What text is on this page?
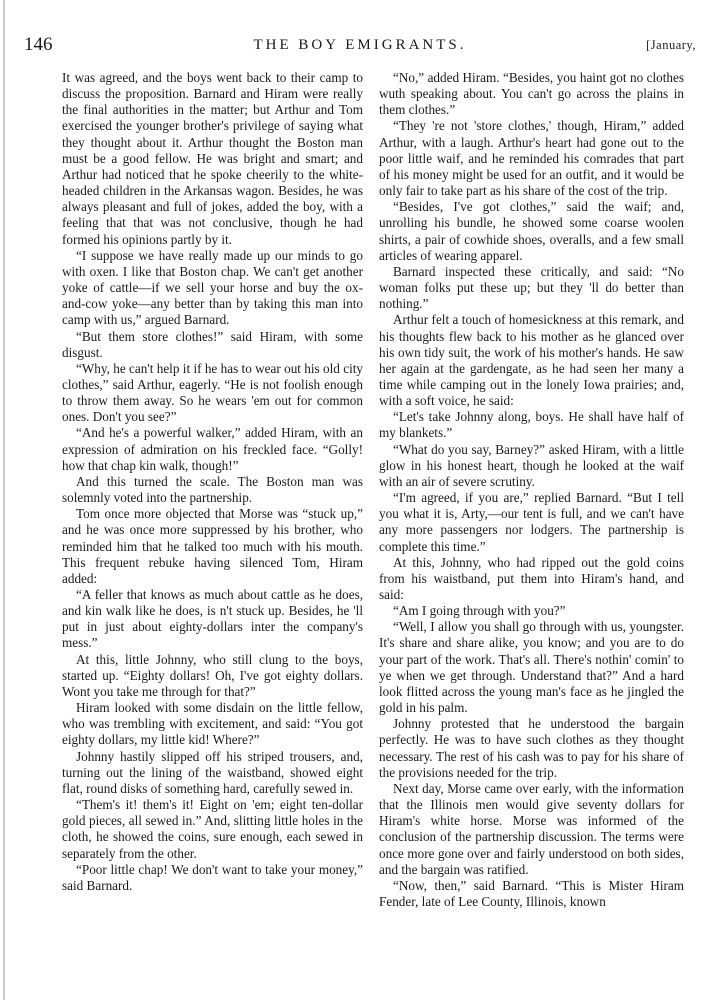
146	THE BOY EMIGRANTS.	[January,

It was agreed, and the boys went back to their camp to discuss the proposition. Barnard and Hiram were really the final authorities in the matter; but Arthur and Tom exercised the younger brother's privilege of saying what they thought about it. Arthur thought the Boston man must be a good fellow. He was bright and smart; and Arthur had noticed that he spoke cheerily to the white-headed children in the Arkansas wagon. Besides, he was always pleasant and full of jokes, added the boy, with a feeling that that was not conclusive, though he had formed his opinions partly by it.

“I suppose we have really made up our minds to go with oxen. I like that Boston chap. We can't get another yoke of cattle—if we sell your horse and buy the ox-and-cow yoke—any better than by taking this man into camp with us,” argued Barnard.

“But them store clothes!” said Hiram, with some disgust.

“Why, he can't help it if he has to wear out his old city clothes,” said Arthur, eagerly. “He is not foolish enough to throw them away. So he wears 'em out for common ones. Don't you see?”

“And he's a powerful walker,” added Hiram, with an expression of admiration on his freckled face. “Golly! how that chap kin walk, though!”

And this turned the scale. The Boston man was solemnly voted into the partnership.

Tom once more objected that Morse was “stuck up,” and he was once more suppressed by his brother, who reminded him that he talked too much with his mouth. This frequent rebuke having silenced Tom, Hiram added:

“A feller that knows as much about cattle as he does, and kin walk like he does, is n't stuck up. Besides, he 'll put in just about eighty-dollars inter the company's mess.”

At this, little Johnny, who still clung to the boys, started up. “Eighty dollars! Oh, I've got eighty dollars. Wont you take me through for that?”

Hiram looked with some disdain on the little fellow, who was trembling with excitement, and said: “You got eighty dollars, my little kid! Where?”

Johnny hastily slipped off his striped trousers, and, turning out the lining of the waistband, showed eight flat, round disks of something hard, carefully sewed in.

“Them's it! them's it! Eight on 'em; eight ten-dollar gold pieces, all sewed in.” And, slitting little holes in the cloth, he showed the coins, sure enough, each sewed in separately from the other.

“Poor little chap! We don't want to take your money,” said Barnard.

“No,” added Hiram. “Besides, you haint got no clothes wuth speaking about. You can't go across the plains in them clothes.”

“They 're not 'store clothes,' though, Hiram,” added Arthur, with a laugh. Arthur's heart had gone out to the poor little waif, and he reminded his comrades that part of his money might be used for an outfit, and it would be only fair to take part as his share of the cost of the trip.

“Besides, I've got clothes,” said the waif; and, unrolling his bundle, he showed some coarse woolen shirts, a pair of cowhide shoes, overalls, and a few small articles of wearing apparel.

Barnard inspected these critically, and said: “No woman folks put these up; but they 'll do better than nothing.”

Arthur felt a touch of homesickness at this remark, and his thoughts flew back to his mother as he glanced over his own tidy suit, the work of his mother's hands. He saw her again at the gardengate, as he had seen her many a time while camping out in the lonely Iowa prairies; and, with a soft voice, he said:

“Let's take Johnny along, boys. He shall have half of my blankets.”

“What do you say, Barney?” asked Hiram, with a little glow in his honest heart, though he looked at the waif with an air of severe scrutiny.

“I'm agreed, if you are,” replied Barnard. “But I tell you what it is, Arty,—our tent is full, and we can't have any more passengers nor lodgers. The partnership is complete this time.”

At this, Johnny, who had ripped out the gold coins from his waistband, put them into Hiram's hand, and said:

“Am I going through with you?”

“Well, I allow you shall go through with us, youngster. It's share and share alike, you know; and you are to do your part of the work. That's all. There's nothin' comin' to ye when we get through. Understand that?” And a hard look flitted across the young man's face as he jingled the gold in his palm.

Johnny protested that he understood the bargain perfectly. He was to have such clothes as they thought necessary. The rest of his cash was to pay for his share of the provisions needed for the trip.

Next day, Morse came over early, with the information that the Illinois men would give seventy dollars for Hiram's white horse. Morse was informed of the conclusion of the partnership discussion. The terms were once more gone over and fairly understood on both sides, and the bargain was ratified.

“Now, then,” said Barnard. “This is Mister Hiram Fender, late of Lee County, Illinois, known
